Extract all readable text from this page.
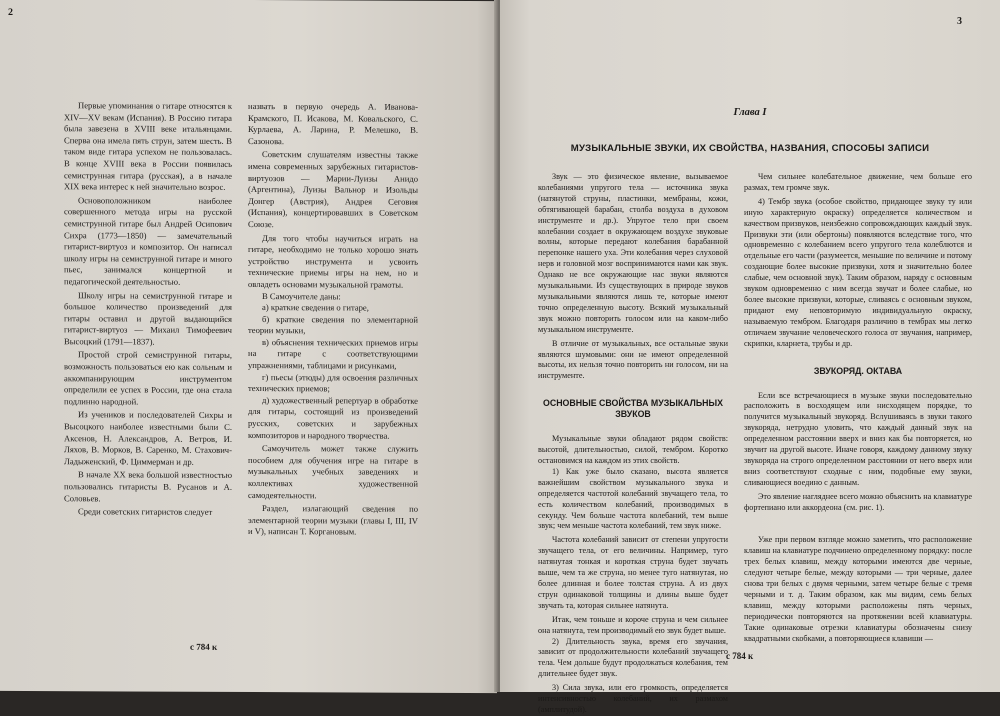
2

Первые упоминания о гитаре относятся к XIV—XV векам (Испания). В Россию гитара была завезена в XVIII веке итальянцами. Сперва она имела пять струн, затем шесть. В таком виде гитара успехом не пользовалась. В конце XVIII века в России появилась семиструнная гитара (русская), а в начале XIX века интерес к ней значительно возрос.

Основоположником наиболее совершенного метода игры на русской семиструнной гитаре был Андрей Осипович Сихра (1773—1850) — замечательный гитарист-виртуоз и композитор. Он написал школу игры на семиструнной гитаре и много пьес, занимался концертной и педагогической деятельностью.

Школу игры на семиструнной гитаре и большое количество произведений для гитары оставил и другой выдающийся гитарист-виртуоз — Михаил Тимофеевич Высоцкий (1791—1837).

Простой строй семиструнной гитары, возможность пользоваться ею как сольным и аккомпанирующим инструментом определили ее успех в России, где она стала подлинно народной.

Из учеников и последователей Сихры и Высоцкого наиболее известными были С. Аксенов, Н. Александров, А. Ветров, И. Ляхов, В. Морков, В. Саренко, М. Стахович-Ладыженский, Ф. Циммерман и др.

В начале XX века большой известностью пользовались гитаристы В. Русанов и А. Соловьев.

Среди советских гитаристов следует

назвать в первую очередь А. Иванова-Крамского, П. Исакова, М. Ковальского, С. Курлаева, А. Ларина, Р. Мелешко, В. Сазонова.

Советским слушателям известны также имена современных зарубежных гитаристов-виртуозов — Марии-Луизы Анидо (Аргентина), Луизы Вальнор и Изольды Донгер (Австрия), Андрея Сеговия (Испания), концертировавших в Советском Союзе.

Для того чтобы научиться играть на гитаре, необходимо не только хорошо знать устройство инструмента и усвоить технические приемы игры на нем, но и овладеть основами музыкальной грамоты.

В Самоучителе даны:

а) краткие сведения о гитаре,

б) краткие сведения по элементарной теории музыки,

в) объяснения технических приемов игры на гитаре с соответствующими упражнениями, таблицами и рисунками,

г) пьесы (этюды) для освоения различных технических приемов;

д) художественный репертуар в обработке для гитары, состоящий из произведений русских, советских и зарубежных композиторов и народного творчества.

Самоучитель может также служить пособием для обучения игре на гитаре в музыкальных учебных заведениях и коллективах художественной самодеятельности.

Раздел, излагающий сведения по элементарной теории музыки (главы I, III, IV и V), написан Т. Коргановым.

с 784 к
3
Глава I
МУЗЫКАЛЬНЫЕ ЗВУКИ, ИХ СВОЙСТВА, НАЗВАНИЯ, СПОСОБЫ ЗАПИСИ

Звук — это физическое явление, вызываемое колебаниями упругого тела — источника звука (натянутой струны, пластинки, мембраны, кожи, обтягивающей барабан, столба воздуха в духовом инструменте и др.). Упругое тело при своем колебании создает в окружающем воздухе звуковые волны, которые передают колебания барабанной перепонке нашего уха. Эти колебания через слуховой нерв и головной мозг воспринимаются нами как звук. Однако не все окружающие нас звуки являются музыкальными. Из существующих в природе звуков музыкальными являются лишь те, которые имеют точно определенную высоту. Всякий музыкальный звук можно повторить голосом или на каком-либо музыкальном инструменте.

В отличие от музыкальных, все остальные звуки являются шумовыми: они не имеют определенной высоты, их нельзя точно повторить ни голосом, ни на инструменте.

ОСНОВНЫЕ СВОЙСТВА МУЗЫКАЛЬНЫХ ЗВУКОВ

Музыкальные звуки обладают рядом свойств: высотой, длительностью, силой, тембром. Коротко остановимся на каждом из этих свойств.

1) Как уже было сказано, высота является важнейшим свойством музыкального звука и определяется частотой колебаний звучащего тела, то есть количеством колебаний, производимых в секунду. Чем больше частота колебаний, тем выше звук; чем меньше частота колебаний, тем звук ниже.

Частота колебаний зависит от степени упругости звучащего тела, от его величины. Например, туго натянутая тонкая и короткая струна будет звучать выше, чем та же струна, но менее туго натянутая, но более длинная и более толстая струна. А из двух струн одинаковой толщины и длины выше будет звучать та, которая сильнее натянута.

Итак, чем тоньше и короче струна и чем сильнее она натянута, тем производимый ею звук будет выше.

2) Длительность звука, время его звучания, зависит от продолжительности колебаний звучащего тела. Чем дольше будут продолжаться колебания, тем длительнее будет звук.

3) Сила звука, или его громкость, определяется интенсивностью колебаний, их размахом (амплитудой).

Чем сильнее колебательное движение, чем больше его размах, тем громче звук.

4) Тембр звука (особое свойство, придающее звуку ту или иную характерную окраску) определяется количеством и качеством призвуков, неизбежно сопровождающих каждый звук. Призвуки эти (или обертоны) появляются вследствие того, что одновременно с колебанием всего упругого тела колеблются и отдельные его части (разумеется, меньшие по величине и потому создающие более высокие призвуки, хотя и значительно более слабые, чем основной звук). Таким образом, наряду с основным звуком одновременно с ним всегда звучат и более слабые, но более высокие призвуки, которые, сливаясь с основным звуком, придают ему неповторимую индивидуальную окраску, называемую тембром. Благодаря различию в тембрах мы легко отличаем звучание человеческого голоса от звучания, например, скрипки, кларнета, трубы и др.

ЗВУКОРЯД. ОКТАВА

Если все встречающиеся в музыке звуки последовательно расположить в восходящем или нисходящем порядке, то получится музыкальный звукоряд. Вслушиваясь в звуки такого звукоряда, нетрудно уловить, что каждый данный звук на определенном расстоянии вверх и вниз как бы повторяется, но звучит на другой высоте. Иначе говоря, каждому данному звуку звукоряда на строго определенном расстоянии от него вверх или вниз соответствуют сходные с ним, подобные ему звуки, сливающиеся воедино с данным.

Это явление нагляднее всего можно объяснить на клавиатуре фортепиано или аккордеона (см. рис. 1).

Уже при первом взгляде можно заметить, что расположение клавиш на клавиатуре подчинено определенному порядку: после трех белых клавиш, между которыми имеются две черные, следуют четыре белые, между которыми — три черные, далее снова три белых с двумя черными, затем четыре белые с тремя черными и т. д. Таким образом, как мы видим, семь белых клавиш, между которыми расположены пять черных, периодически повторяются на протяжении всей клавиатуры. Такие одинаковые отрезки клавиатуры обозначены снизу квадратными скобками, а повторяющиеся клавиши —

с 784 к
